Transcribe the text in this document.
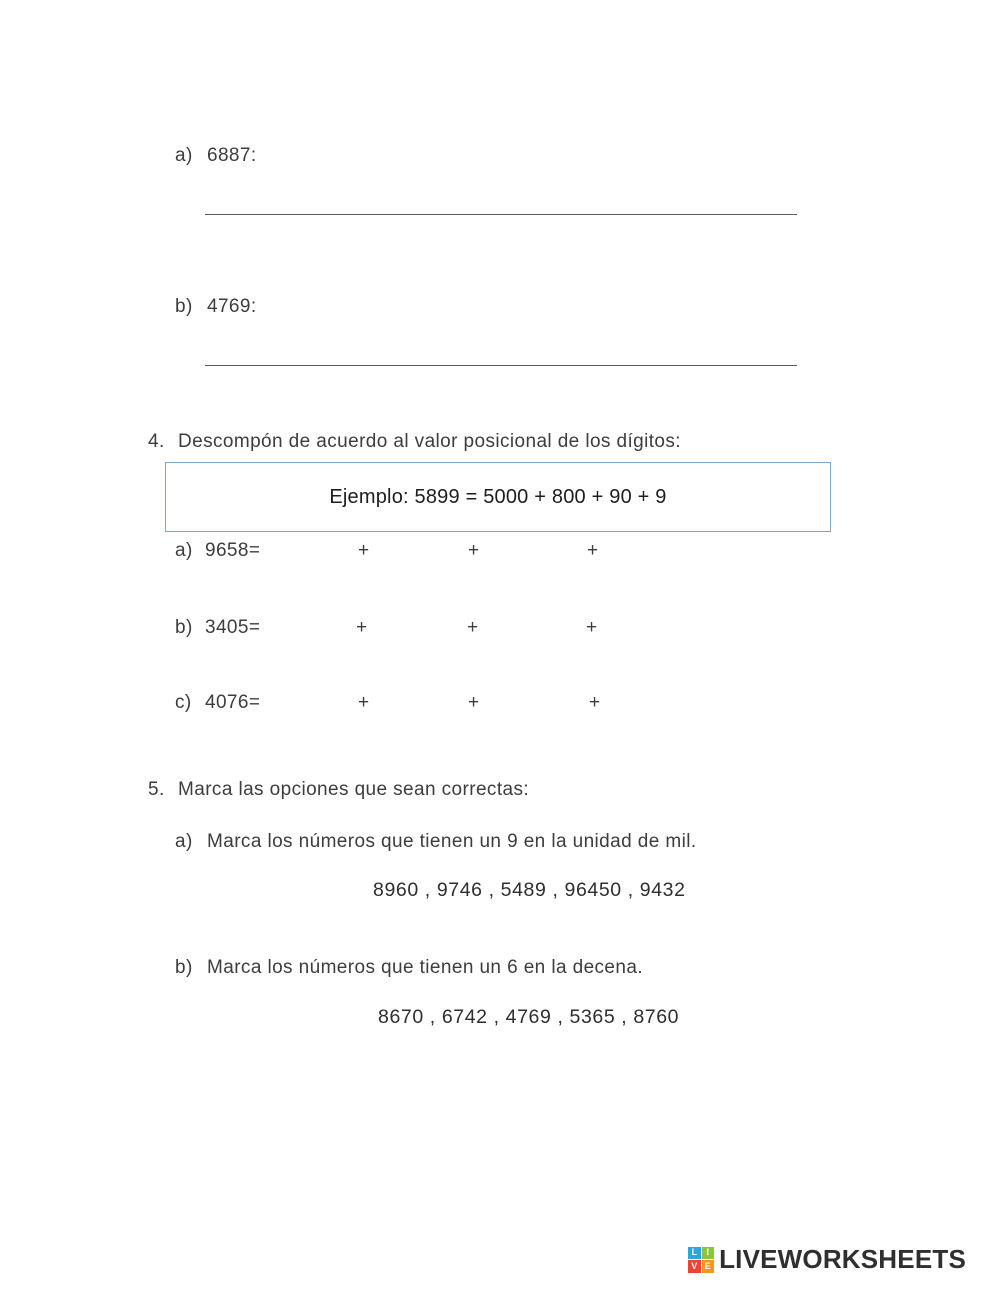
a) 6887:
b) 4769:
4. Descompón de acuerdo al valor posicional de los dígitos:
Ejemplo: 5899 = 5000 + 800 + 90 + 9
a) 9658=	+	+	+
b) 3405=	+	+	+
c) 4076=	+	+	+
5. Marca las opciones que sean correctas:
a) Marca los números que tienen un 9 en la unidad de mil.
8960 , 9746 , 5489 , 96450 , 9432
b) Marca los números que tienen un 6 en la decena.
8670 , 6742 , 4769 , 5365 , 8760
L	I
V E LIVEWORKSHEETS
